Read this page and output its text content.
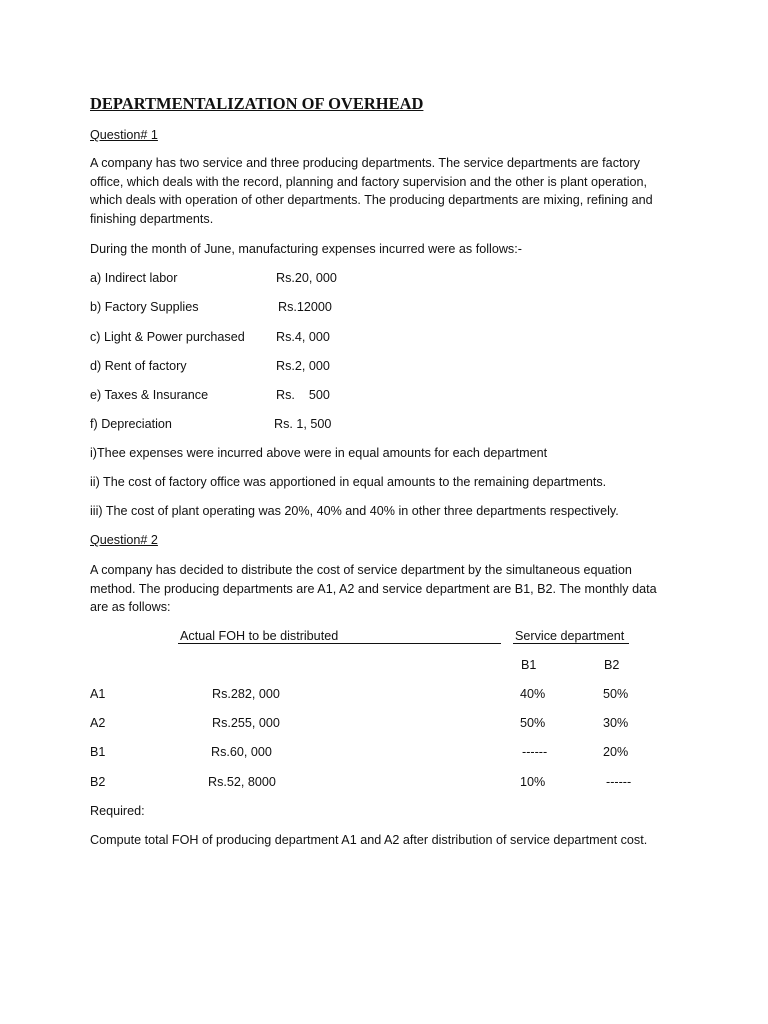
DEPARTMENTALIZATION OF OVERHEAD
Question# 1
A company has two service and three producing departments. The service departments are factory office, which deals with the record, planning and factory supervision and the other is plant operation, which deals with operation of other departments. The producing departments are mixing, refining and finishing departments.
During the month of June, manufacturing expenses incurred were as follows:-
a) Indirect labor	Rs.20, 000
b) Factory Supplies	Rs.12000
c) Light & Power purchased Rs.4, 000
d) Rent of factory	Rs.2, 000
e) Taxes & Insurance	Rs.    500
f) Depreciation	Rs. 1, 500
i)Thee expenses were incurred above were in equal amounts for each department
ii) The cost of factory office was apportioned in equal amounts to the remaining departments.
iii) The cost of plant operating was 20%, 40% and 40% in other three departments respectively.
Question# 2
A company has decided to distribute the cost of service department by the simultaneous equation method. The producing departments are A1, A2 and service department are B1, B2. The monthly data are as follows:
Actual FOH to be distributed	Service department
B1	B2
A1	Rs.282, 000	40%	50%
A2	Rs.255, 000	50%	30%
B1	Rs.60, 000	------	20%
B2	Rs.52, 8000	10%	------
Required:
Compute total FOH of producing department A1 and A2 after distribution of service department cost.
